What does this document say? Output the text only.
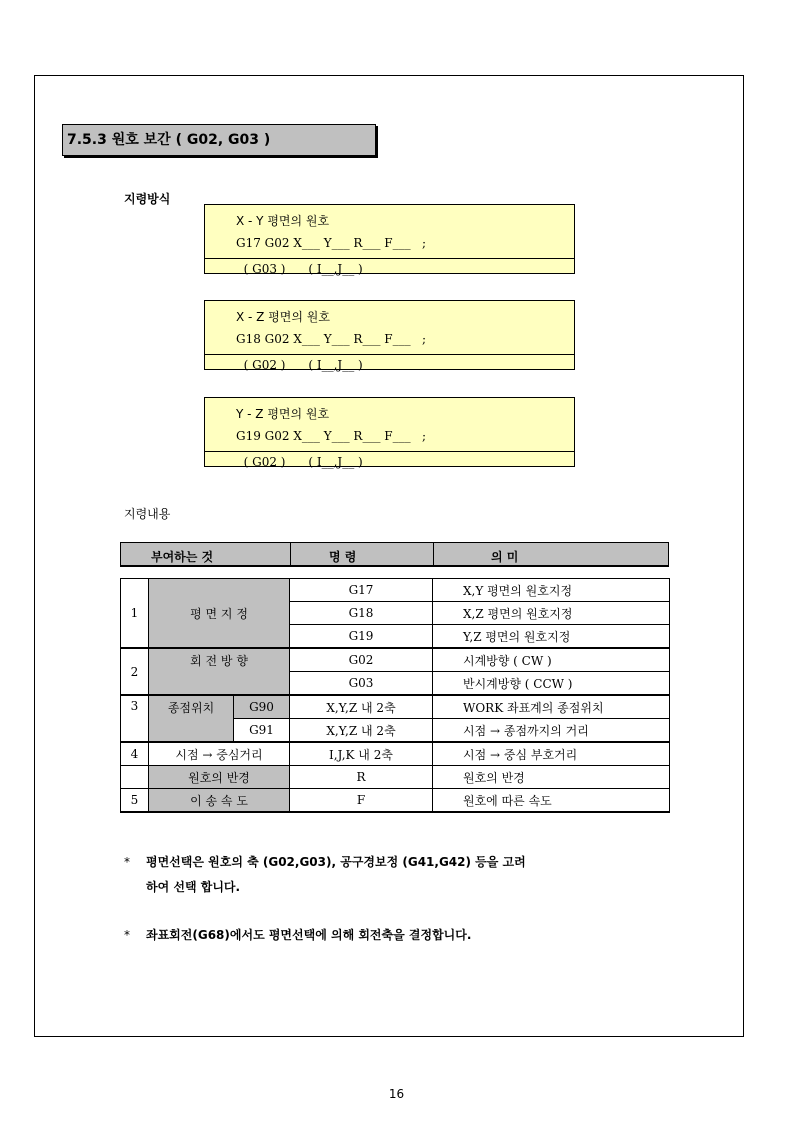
7.5.3 원호 보간 ( G02, G03 )
지령방식
X - Y 평면의 원호
G17 G02 X___ Y___ R___ F___   ;
( G03 )      ( I__,J__ )
X - Z 평면의 원호
G18 G02 X___ Y___ R___ F___   ;
( G02 )      ( I__,J__ )
Y - Z 평면의 원호
G19 G02 X___ Y___ R___ F___   ;
( G02 )      ( I__,J__ )
지령내용
부여하는 것	명 령	의 미
1	평 면 지 정		G17	X,Y 평면의 원호지정
			G18	X,Z 평면의 원호지정
			G19	Y,Z 평면의 원호지정
2	회 전 방 향		G02	시계방향 ( CW )
			G03	반시계방향 ( CCW )
3	종점위치	G90	X,Y,Z 내 2축	WORK 좌표계의 종점위치
		G91	X,Y,Z 내 2축	시점 → 종점까지의 거리
4	시점 → 중심거리		I,J,K 내 2축	시점 → 중심 부호거리
	원호의 반경		R	원호의 반경
5	이 송 속 도		F	원호에 따른 속도
* 평면선택은 원호의 축 (G02,G03), 공구경보정 (G41,G42) 등을 고려
하여 선택 합니다.
* 좌표회전(G68)에서도 평면선택에 의해 회전축을 결정합니다.
16
